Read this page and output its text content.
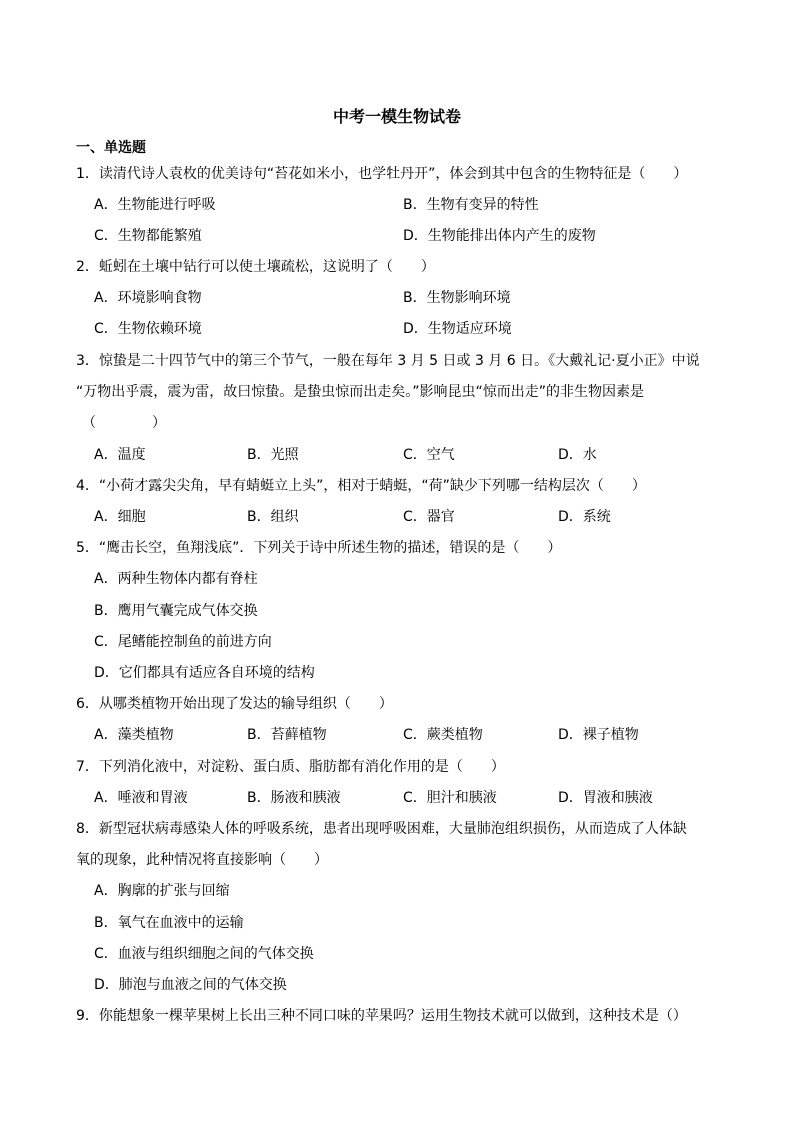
中考一模生物试卷
一、单选题
1．读清代诗人袁枚的优美诗句“苔花如米小，也学牡丹开”，体会到其中包含的生物特征是（　　）
A．生物能进行呼吸	B．生物有变异的特性
C．生物都能繁殖	D．生物能排出体内产生的废物
2．蚯蚓在土壤中钻行可以使土壤疏松，这说明了（　　）
A．环境影响食物	B．生物影响环境
C．生物依赖环境	D．生物适应环境
3．惊蛰是二十四节气中的第三个节气，一般在每年 3 月 5 日或 3 月 6 日。《大戴礼记·夏小正》中说
“万物出乎震，震为雷，故曰惊蛰。是蛰虫惊而出走矣。”影响昆虫“惊而出走”的非生物因素是
（　　　　）
A．温度	B．光照	C．空气	D．水
4．“小荷才露尖尖角，早有蜻蜓立上头”，相对于蜻蜓，“荷”缺少下列哪一结构层次（　　）
A．细胞	B．组织	C．器官	D．系统
5．“鹰击长空，鱼翔浅底”．下列关于诗中所述生物的描述，错误的是（　　）
A．两种生物体内都有脊柱
B．鹰用气囊完成气体交换
C．尾鳍能控制鱼的前进方向
D．它们都具有适应各自环境的结构
6．从哪类植物开始出现了发达的输导组织（　　）
A．藻类植物	B．苔藓植物	C．蕨类植物	D．裸子植物
7．下列消化液中，对淀粉、蛋白质、脂肪都有消化作用的是（　　）
A．唾液和胃液	B．肠液和胰液	C．胆汁和胰液	D．胃液和胰液
8．新型冠状病毒感染人体的呼吸系统，患者出现呼吸困难，大量肺泡组织损伤，从而造成了人体缺
氧的现象，此种情况将直接影响（　　）
A．胸廓的扩张与回缩
B．氧气在血液中的运输
C．血液与组织细胞之间的气体交换
D．肺泡与血液之间的气体交换
9．你能想象一棵苹果树上长出三种不同口味的苹果吗？运用生物技术就可以做到，这种技术是（）
